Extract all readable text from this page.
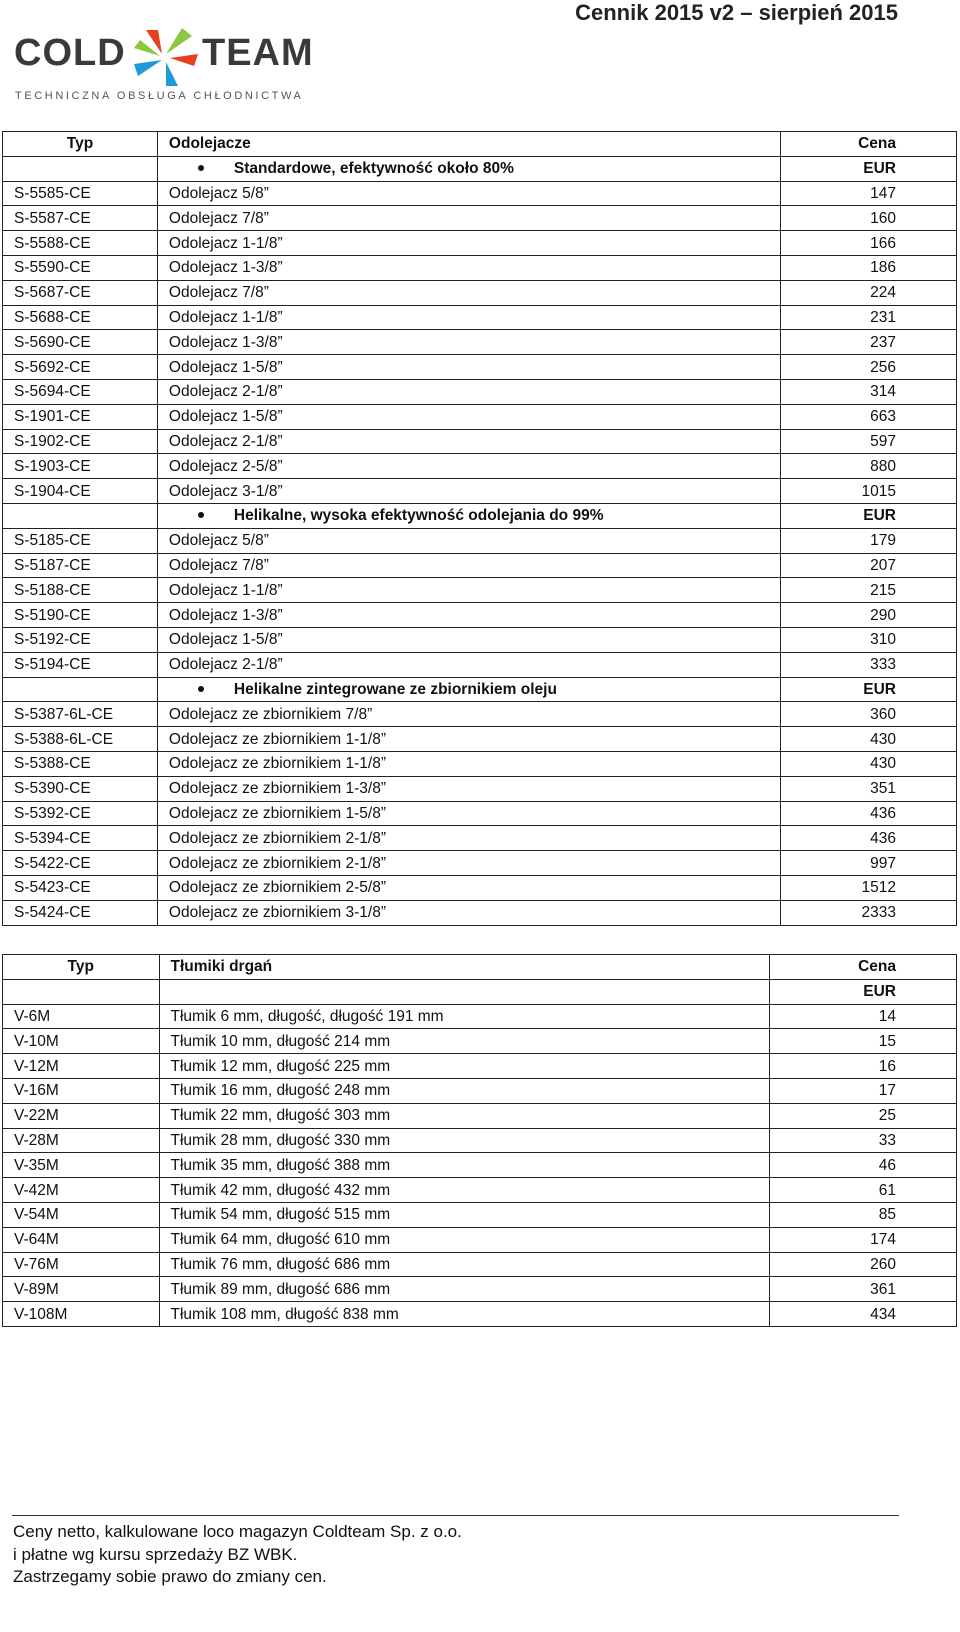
Cennik 2015 v2 – sierpień 2015
COLD TEAM
TECHNICZNA OBSŁUGA CHŁODNICTWA
Typ	Odolejacze	Cena
	Standardowe, efektywność około 80%	EUR
S-5585-CE	Odolejacz 5/8”	147
S-5587-CE	Odolejacz 7/8”	160
S-5588-CE	Odolejacz 1-1/8”	166
S-5590-CE	Odolejacz 1-3/8”	186
S-5687-CE	Odolejacz 7/8”	224
S-5688-CE	Odolejacz 1-1/8”	231
S-5690-CE	Odolejacz 1-3/8”	237
S-5692-CE	Odolejacz 1-5/8”	256
S-5694-CE	Odolejacz 2-1/8”	314
S-1901-CE	Odolejacz 1-5/8”	663
S-1902-CE	Odolejacz 2-1/8”	597
S-1903-CE	Odolejacz 2-5/8”	880
S-1904-CE	Odolejacz 3-1/8”	1015
	Helikalne, wysoka efektywność odolejania do 99%	EUR
S-5185-CE	Odolejacz 5/8”	179
S-5187-CE	Odolejacz 7/8”	207
S-5188-CE	Odolejacz 1-1/8”	215
S-5190-CE	Odolejacz 1-3/8”	290
S-5192-CE	Odolejacz 1-5/8”	310
S-5194-CE	Odolejacz 2-1/8”	333
	Helikalne zintegrowane ze zbiornikiem oleju	EUR
S-5387-6L-CE	Odolejacz ze zbiornikiem 7/8”	360
S-5388-6L-CE	Odolejacz ze zbiornikiem 1-1/8”	430
S-5388-CE	Odolejacz ze zbiornikiem 1-1/8”	430
S-5390-CE	Odolejacz ze zbiornikiem 1-3/8”	351
S-5392-CE	Odolejacz ze zbiornikiem 1-5/8”	436
S-5394-CE	Odolejacz ze zbiornikiem 2-1/8”	436
S-5422-CE	Odolejacz ze zbiornikiem 2-1/8”	997
S-5423-CE	Odolejacz ze zbiornikiem 2-5/8”	1512
S-5424-CE	Odolejacz ze zbiornikiem 3-1/8”	2333
Typ	Tłumiki drgań	Cena
		EUR
V-6M	Tłumik 6 mm, długość, długość 191 mm	14
V-10M	Tłumik 10 mm, długość 214 mm	15
V-12M	Tłumik 12 mm, długość 225 mm	16
V-16M	Tłumik 16 mm, długość 248 mm	17
V-22M	Tłumik 22 mm, długość 303 mm	25
V-28M	Tłumik 28 mm, długość 330 mm	33
V-35M	Tłumik 35 mm, długość 388 mm	46
V-42M	Tłumik 42 mm, długość 432 mm	61
V-54M	Tłumik 54 mm, długość 515 mm	85
V-64M	Tłumik 64 mm, długość 610 mm	174
V-76M	Tłumik 76 mm, długość 686 mm	260
V-89M	Tłumik 89 mm, długość 686 mm	361
V-108M	Tłumik 108 mm, długość 838 mm	434
Ceny netto, kalkulowane loco magazyn Coldteam Sp. z o.o.
i płatne wg kursu sprzedaży BZ WBK.
Zastrzegamy sobie prawo do zmiany cen.
